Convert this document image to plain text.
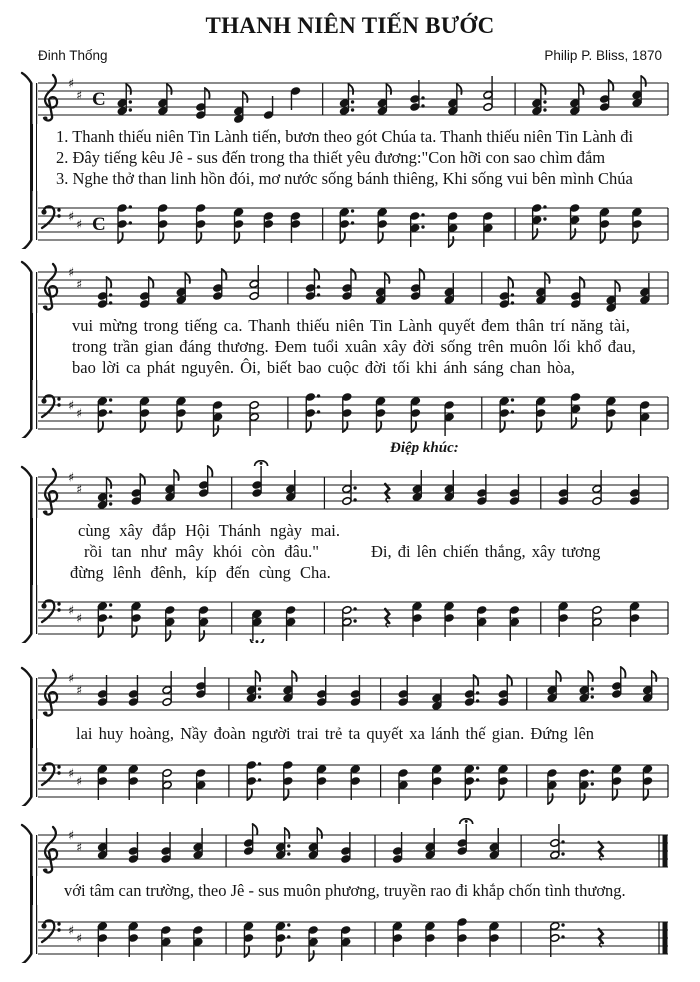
THANH NIÊN TIẾN BƯỚC
Đinh Thống	Philip P. Bliss, 1870
♯
♯ C
1. Thanh thiếu niên Tin Lành tiến, bươn theo gót Chúa ta. Thanh thiếu niên Tin Lành đi
2. Đây tiếng kêu Jê - sus đến trong tha thiết yêu đương:"Con hỡi con sao chìm đắm
3. Nghe thở than linh hồn đói, mơ nước sống bánh thiêng, Khi sống vui bên mình Chúa
♯
♯ C
♯
♯
vui mừng trong tiếng ca. Thanh thiếu niên Tin Lành quyết đem thân trí năng tài,
trong trần gian đáng thương. Đem tuổi xuân xây đời sống trên muôn lối khổ đau,
bao lời ca phát nguyên. Ôi, biết bao cuộc đời tối khi ánh sáng chan hòa,
♯
♯
Điệp khúc:
♯
♯
cùng xây đắp Hội Thánh ngày mai.
rồi tan như mây khói còn đâu."	Đi, đi lên chiến thắng, xây tương
đừng lênh đênh, kíp đến cùng Cha.
♯
♯
♯
♯
lai huy hoàng, Nầy đoàn người trai trẻ ta quyết xa lánh thế gian. Đứng lên
♯
♯
♯
♯
với tâm can trường, theo Jê - sus muôn phương, truyền rao đi khắp chốn tình thương.
♯
♯
